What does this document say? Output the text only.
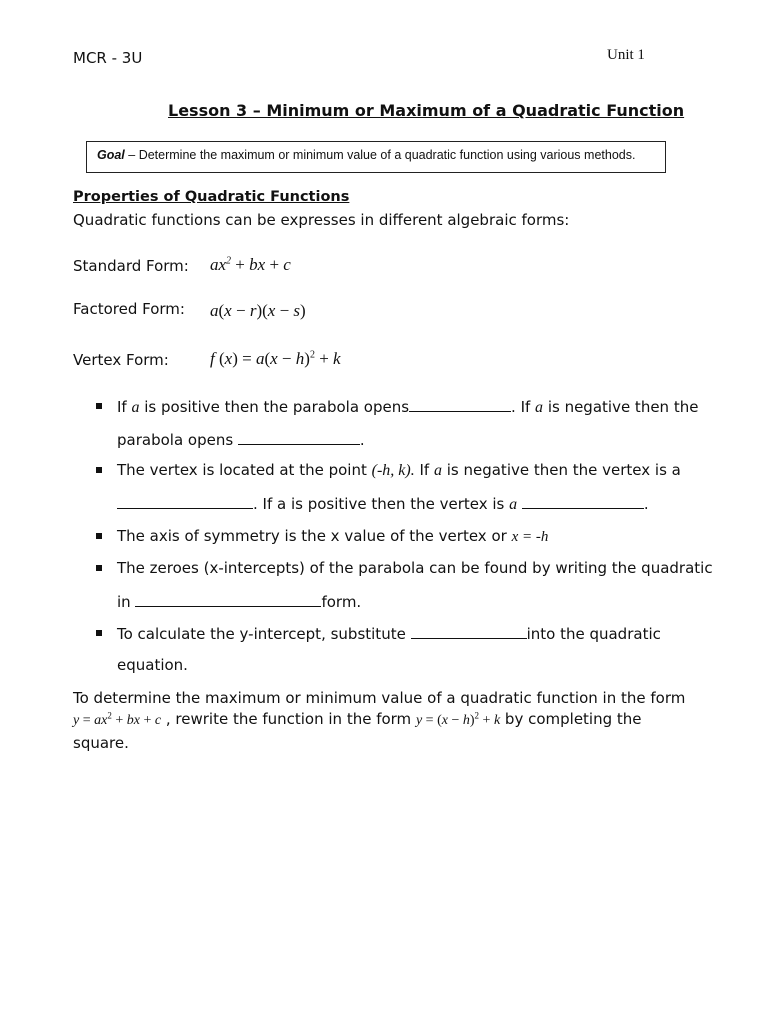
MCR - 3U	Unit 1
Lesson 3 – Minimum or Maximum of a Quadratic Function
Goal – Determine the maximum or minimum value of a quadratic function using various methods.
Properties of Quadratic Functions
Quadratic functions can be expresses in different algebraic forms:
Standard Form: $ax^2$ + bx + c
Factored Form: a(x − r)(x − s)
Vertex Form: f $(x) = a(x - h)^2 + k$
If a is positive then the parabola opens	. If a is negative then the
parabola opens	.
The vertex is located at the point (-h, k). If a is negative then the vertex is a
. If a is positive then the vertex is a	.
The axis of symmetry is the x value of the vertex or x = -h
The zeroes (x-intercepts) of the parabola can be found by writing the quadratic
in	form.
To calculate the y-intercept, substitute	into the quadratic
equation.
To determine the maximum or minimum value of a quadratic function in the form
$y = ax^2$ + bx + c , rewrite the function in the form $y = (x - h)^2 + k$ by completing the
square.
